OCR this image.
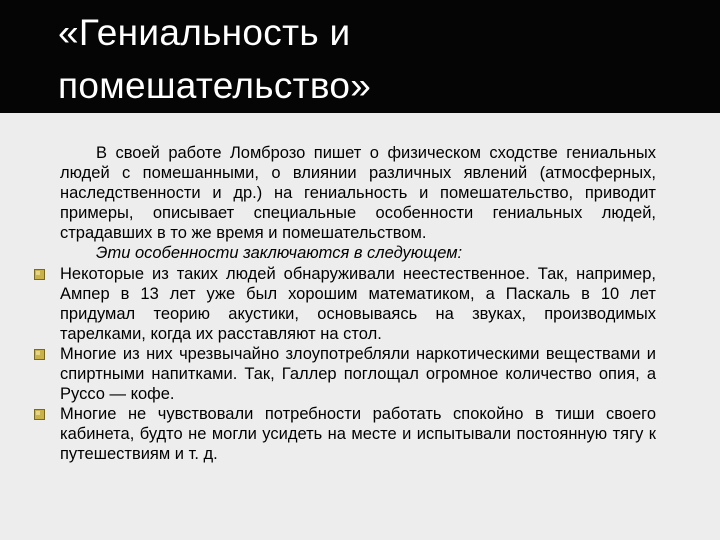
«Гениальность и
помешательство»

В своей работе Ломброзо пишет о физическом сходстве гениальных людей с помешанными, о влиянии различных явлений (атмосферных, наследственности и др.) на гениальность и помешательство, приводит примеры, описывает специальные особенности гениальных людей, страдавших в то же время и помешательством.

Эти особенности заключаются в следующем:

Некоторые из таких людей обнаруживали неестественное. Так, например, Ампер в 13 лет уже был хорошим математиком, а Паскаль в 10 лет придумал теорию акустики, основываясь на звуках, производимых тарелками, когда их расставляют на стол.
Многие из них чрезвычайно злоупотребляли наркотическими веществами и спиртными напитками. Так, Галлер поглощал огромное количество опия, а Руссо — кофе.
Многие не чувствовали потребности работать спокойно в тиши своего кабинета, будто не могли усидеть на месте и испытывали постоянную тягу к путешествиям и т. д.
